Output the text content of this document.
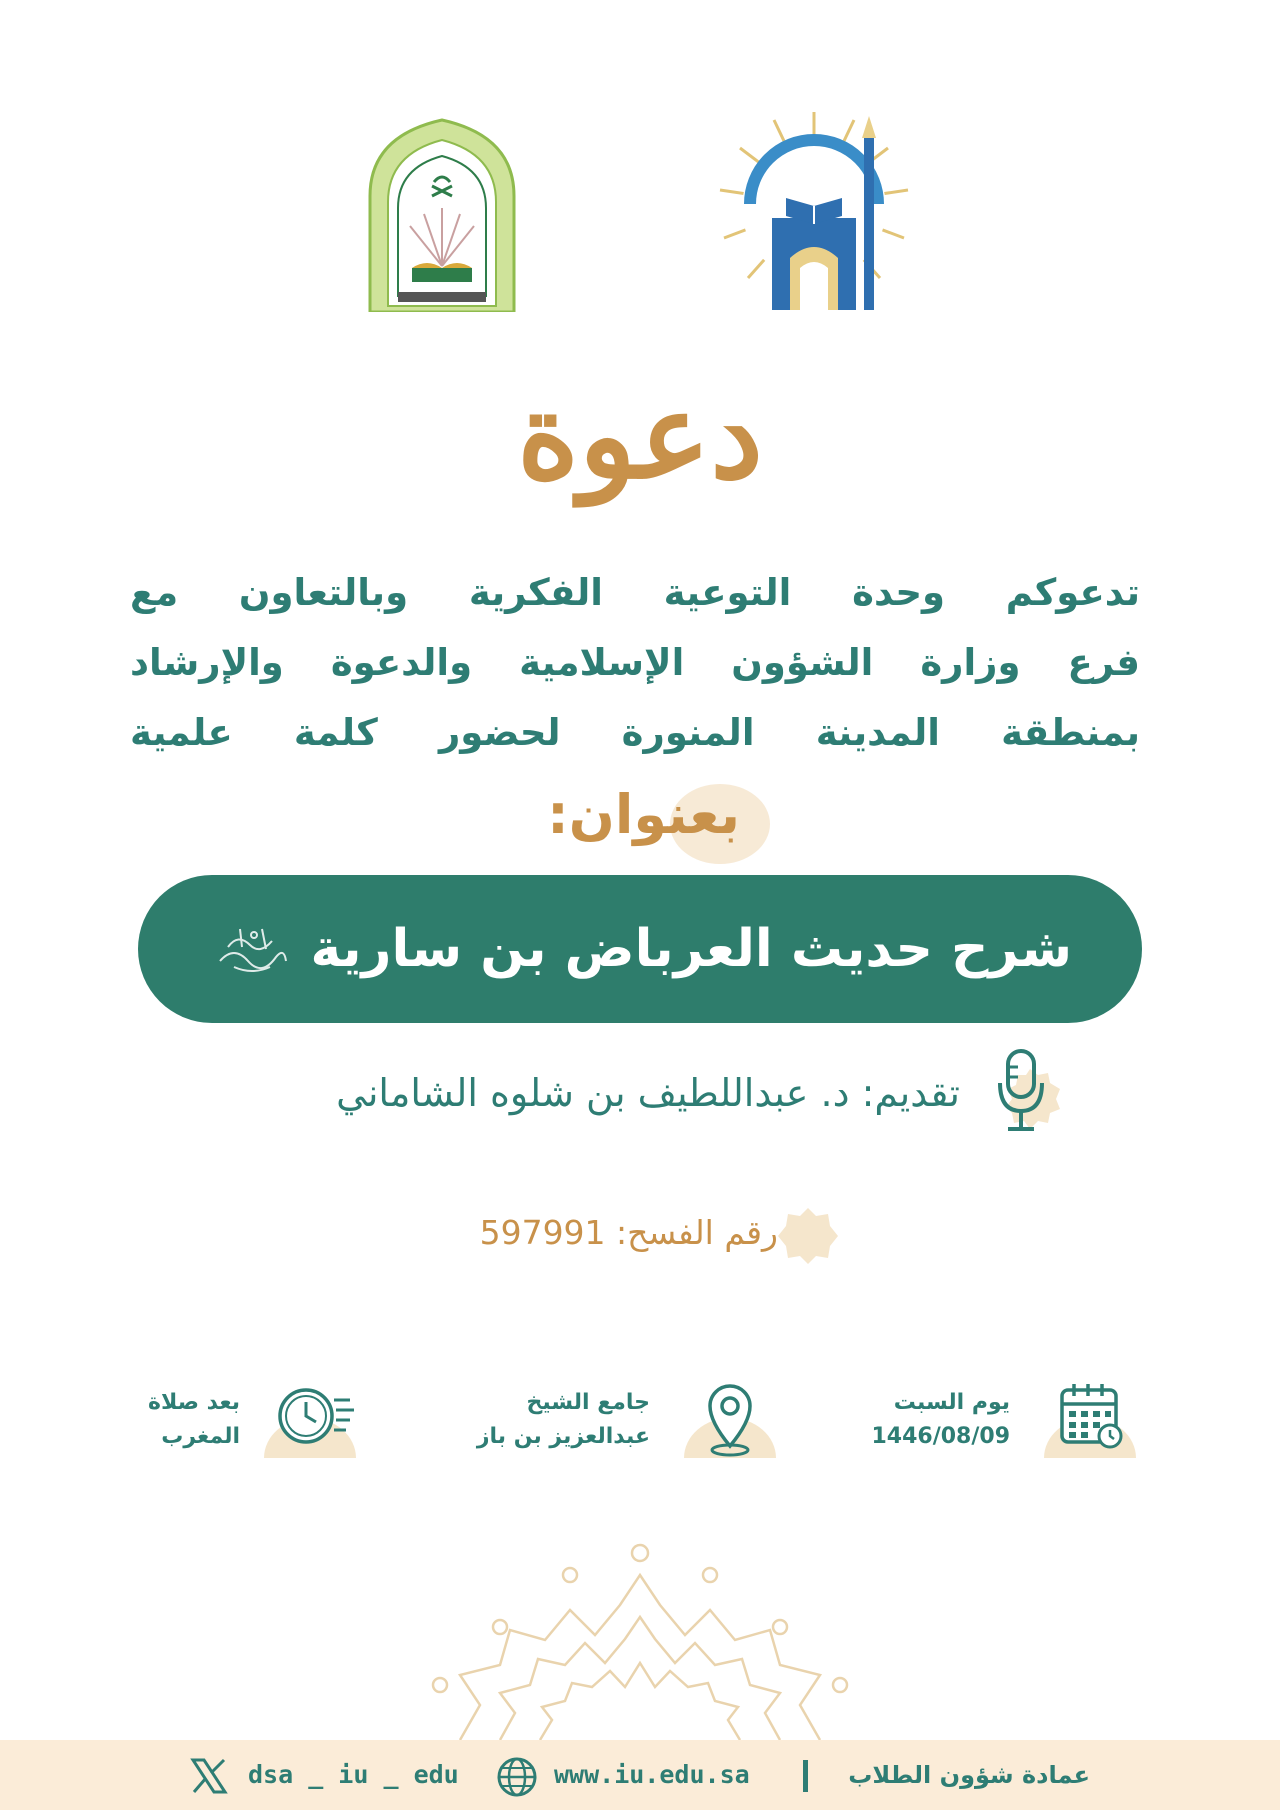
دعوة
تدعوكم وحدة التوعية الفكرية وبالتعاون مع
فرع وزارة الشؤون الإسلامية والدعوة والإرشاد
بمنطقة المدينة المنورة لحضور كلمة علمية
بعنوان:
شرح حديث العرباض بن سارية
تقديم: د. عبداللطيف بن شلوه الشاماني
رقم الفسح: 597991
يوم السبت
1446/08/09
جامع الشيخ
عبدالعزيز بن باز
بعد صلاة
المغرب
عمادة شؤون الطلاب
www.iu.edu.sa
dsa _ iu _ edu
